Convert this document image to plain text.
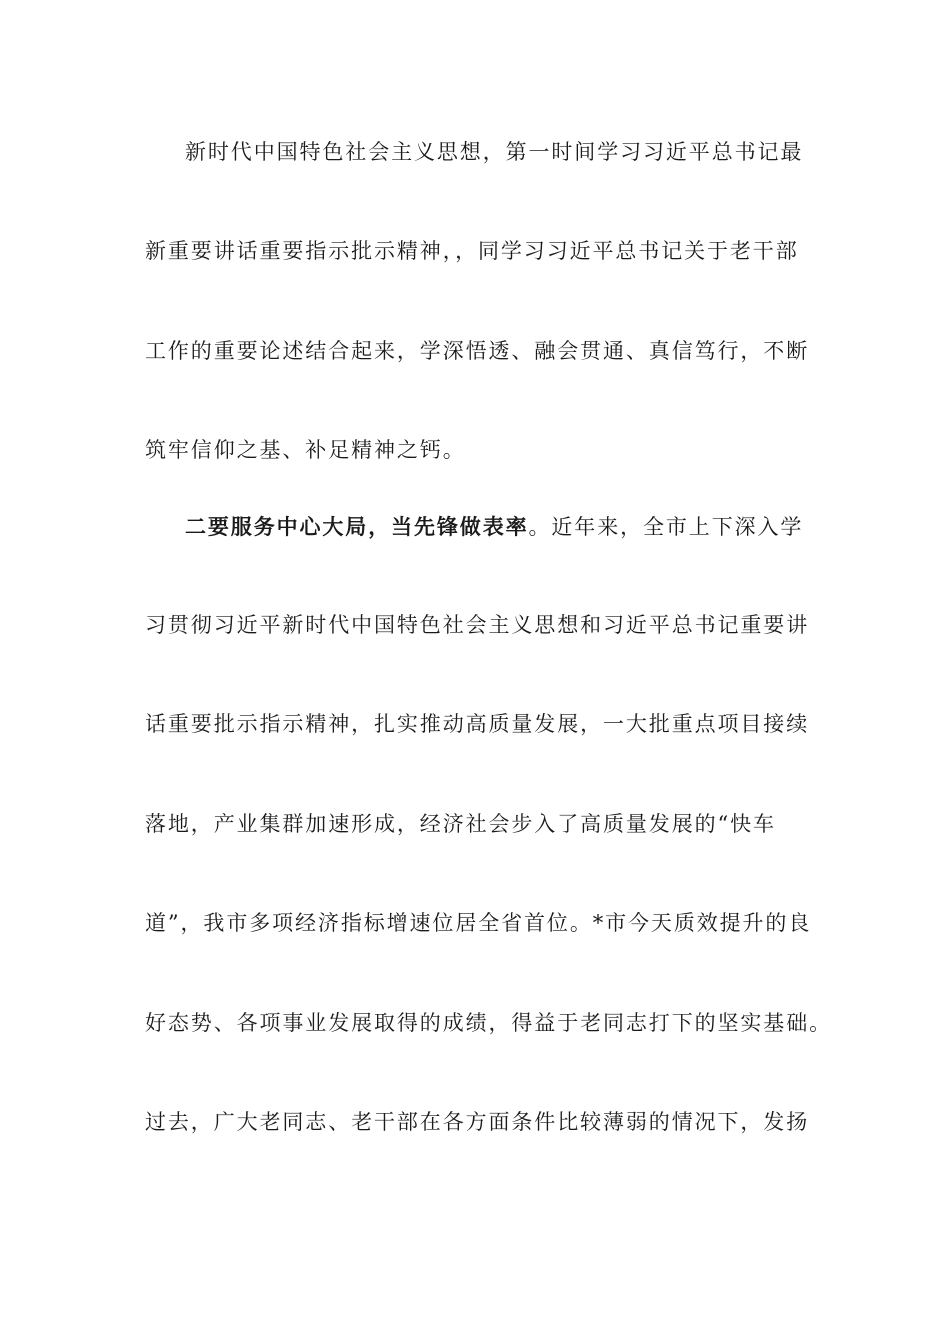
新时代中国特色社会主义思想，第一时间学习习近平总书记最
新重要讲话重要指示批示精神，，同学习习近平总书记关于老干部
工作的重要论述结合起来，学深悟透、融会贯通、真信笃行，不断
筑牢信仰之基、补足精神之钙。
二要服务中心大局，当先锋做表率。近年来，全市上下深入学
习贯彻习近平新时代中国特色社会主义思想和习近平总书记重要讲
话重要批示指示精神，扎实推动高质量发展，一大批重点项目接续
落地，产业集群加速形成，经济社会步入了高质量发展的“快车
道”，我市多项经济指标增速位居全省首位。*市今天质效提升的良
好态势、各项事业发展取得的成绩，得益于老同志打下的坚实基础。
过去，广大老同志、老干部在各方面条件比较薄弱的情况下，发扬
